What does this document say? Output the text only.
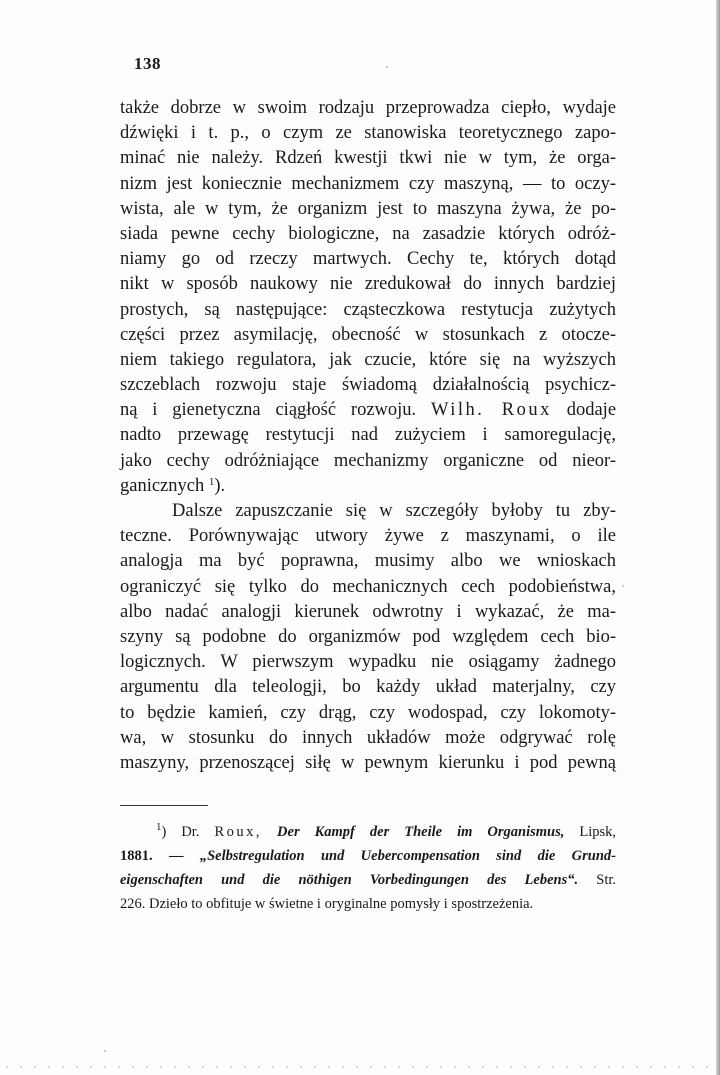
138
także dobrze w swoim rodzaju przeprowadza ciepło, wydaje
dźwięki i t. p., o czym ze stanowiska teoretycznego zapo-
minać nie należy. Rdzeń kwestji tkwi nie w tym, że orga-
nizm jest koniecznie mechanizmem czy maszyną, — to oczy-
wista, ale w tym, że organizm jest to maszyna żywa, że po-
siada pewne cechy biologiczne, na zasadzie których odróż-
niamy go od rzeczy martwych. Cechy te, których dotąd
nikt w sposób naukowy nie zredukował do innych bardziej
prostych, są następujące: cząsteczkowa restytucja zużytych
części przez asymilację, obecność w stosunkach z otocze-
niem takiego regulatora, jak czucie, które się na wyższych
szczeblach rozwoju staje świadomą działalnością psychicz-
ną i gienetyczna ciągłość rozwoju. Wilh. Roux dodaje
nadto przewagę restytucji nad zużyciem i samoregulację,
jako cechy odróżniające mechanizmy organiczne od nieor-
ganicznych $^1$).
Dalsze zapuszczanie się w szczegóły byłoby tu zby-
teczne. Porównywając utwory żywe z maszynami, o ile
analogja ma być poprawna, musimy albo we wnioskach
ograniczyć się tylko do mechanicznych cech podobieństwa,
albo nadać analogji kierunek odwrotny i wykazać, że ma-
szyny są podobne do organizmów pod względem cech bio-
logicznych. W pierwszym wypadku nie osiągamy żadnego
argumentu dla teleologji, bo każdy układ materjalny, czy
to będzie kamień, czy drąg, czy wodospad, czy lokomoty-
wa, w stosunku do innych układów może odgrywać rolę
maszyny, przenoszącej siłę w pewnym kierunku i pod pewną
$^1$) Dr. Roux, Der Kampf der Theile im Organismus, Lipsk,
1881. — „Selbstregulation und Uebercompensation sind die Grund-
eigenschaften und die nöthigen Vorbedingungen des Lebens“. Str.
226. Dzieło to obfituje w świetne i oryginalne pomysły i spostrzeżenia.
